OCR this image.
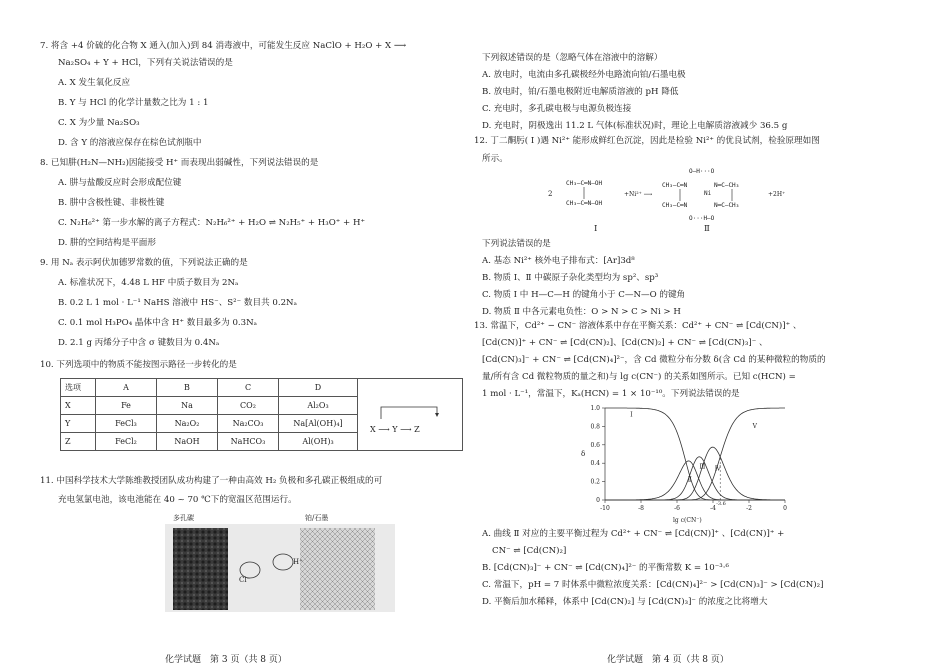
7. 将含 +4 价硫的化合物 X 通入(加入)到 84 消毒液中，可能发生反应 NaClO + H₂O + X ⟶
Na₂SO₄ + Y + HCl，下列有关说法错误的是
A. X 发生氧化反应
B. Y 与 HCl 的化学计量数之比为 1 : 1
C. X 为少量 Na₂SO₃
D. 含 Y 的溶液应保存在棕色试剂瓶中
8. 已知肼(H₂N—NH₂)因能接受 H⁺ 而表现出弱碱性，下列说法错误的是
A. 肼与盐酸反应时会形成配位键
B. 肼中含极性键、非极性键
C. N₂H₆²⁺ 第一步水解的离子方程式：N₂H₆²⁺ + H₂O ⇌ N₂H₅⁺ + H₃O⁺ + H⁺
D. 肼的空间结构是平面形
9. 用 Nₐ 表示阿伏加德罗常数的值，下列说法正确的是
A. 标准状况下，4.48 L HF 中质子数目为 2Nₐ
B. 0.2 L 1 mol · L⁻¹ NaHS 溶液中 HS⁻、S²⁻ 数目共 0.2Nₐ
C. 0.1 mol H₃PO₄ 晶体中含 H⁺ 数目最多为 0.3Nₐ
D. 2.1 g 丙烯分子中含 σ 键数目为 0.4Nₐ
10. 下列选项中的物质不能按图示路径一步转化的是
选项	A	B	C	D	X ⟶ Y ⟶ Z

X	Fe	Na	CO₂	Al₂O₃	
Y	FeCl₃	Na₂O₂	Na₂CO₃	Na[Al(OH)₄]	
Z	FeCl₂	NaOH	NaHCO₃	Al(OH)₃	
11. 中国科学技术大学陈维教授团队成功构建了一种由高效 H₂ 负极和多孔碳正极组成的可
充电氢氯电池，该电池能在 40 ~ 70 ℃下的宽温区范围运行。
多孔碳	铂/石墨
Cl⁻
H⁺
化学试题　第 3 页（共 8 页）
下列叙述错误的是（忽略气体在溶液中的溶解）
A. 放电时，电流由多孔碳极经外电路流向铂/石墨电极
B. 放电时，铂/石墨电极附近电解质溶液的 pH 降低
C. 充电时，多孔碳电极与电源负极连接
D. 充电时，阴极逸出 11.2 L 气体(标准状况)时，理论上电解质溶液减少 36.5 g
12. 丁二酮肟( Ⅰ )遇 Ni²⁺ 能形成鲜红色沉淀，因此是检验 Ni²⁺ 的优良试剂，检验原理如图
所示。
CH₃—C═N—OH
CH₃—C═N—OH
O—H···O
CH₃—C═N	N═C—CH₃
Ni
CH₃—C═N	N═C—CH₃
O···H—O
2	+Ni²⁺ ⟶	+2H⁺
Ⅰ	Ⅱ
下列说法错误的是
A. 基态 Ni²⁺ 核外电子排布式：[Ar]3d⁸
B. 物质 Ⅰ、Ⅱ 中碳原子杂化类型均为 sp²、sp³
C. 物质 Ⅰ 中 H—C—H 的键角小于 C—N—O 的键角
D. 物质 Ⅱ 中各元素电负性：O > N > C > Ni > H
13. 常温下，Cd²⁺ − CN⁻ 溶液体系中存在平衡关系：Cd²⁺ + CN⁻ ⇌ [Cd(CN)]⁺ 、
[Cd(CN)]⁺ + CN⁻ ⇌ [Cd(CN)₂]、[Cd(CN)₂] + CN⁻ ⇌ [Cd(CN)₃]⁻ 、
[Cd(CN)₃]⁻ + CN⁻ ⇌ [Cd(CN)₄]²⁻，含 Cd 微粒分布分数 δ(含 Cd 的某种微粒的物质的
量/所有含 Cd 微粒物质的量之和)与 lg c(CN⁻) 的关系如图所示。已知 c(HCN) =
1 mol · L⁻¹，常温下，Kₐ(HCN) = 1 × 10⁻¹⁰。下列说法错误的是
δ
lg c(CN⁻)
-3.6
0
0.2
0.4
0.6
0.8
1.0
-10	-8	-6	-4	-2	0
Ⅰ
Ⅱ
Ⅲ Ⅳ
Ⅴ
A. 曲线 Ⅱ 对应的主要平衡过程为 Cd²⁺ + CN⁻ ⇌ [Cd(CN)]⁺ 、[Cd(CN)]⁺ +
CN⁻ ⇌ [Cd(CN)₂]
B. [Cd(CN)₃]⁻ + CN⁻ ⇌ [Cd(CN)₄]²⁻ 的平衡常数 K = 10⁻³·⁶
C. 常温下，pH = 7 时体系中微粒浓度关系：[Cd(CN)₄]²⁻ > [Cd(CN)₃]⁻ > [Cd(CN)₂]
D. 平衡后加水稀释，体系中 [Cd(CN)₂] 与 [Cd(CN)₃]⁻ 的浓度之比将增大
化学试题　第 4 页（共 8 页）
